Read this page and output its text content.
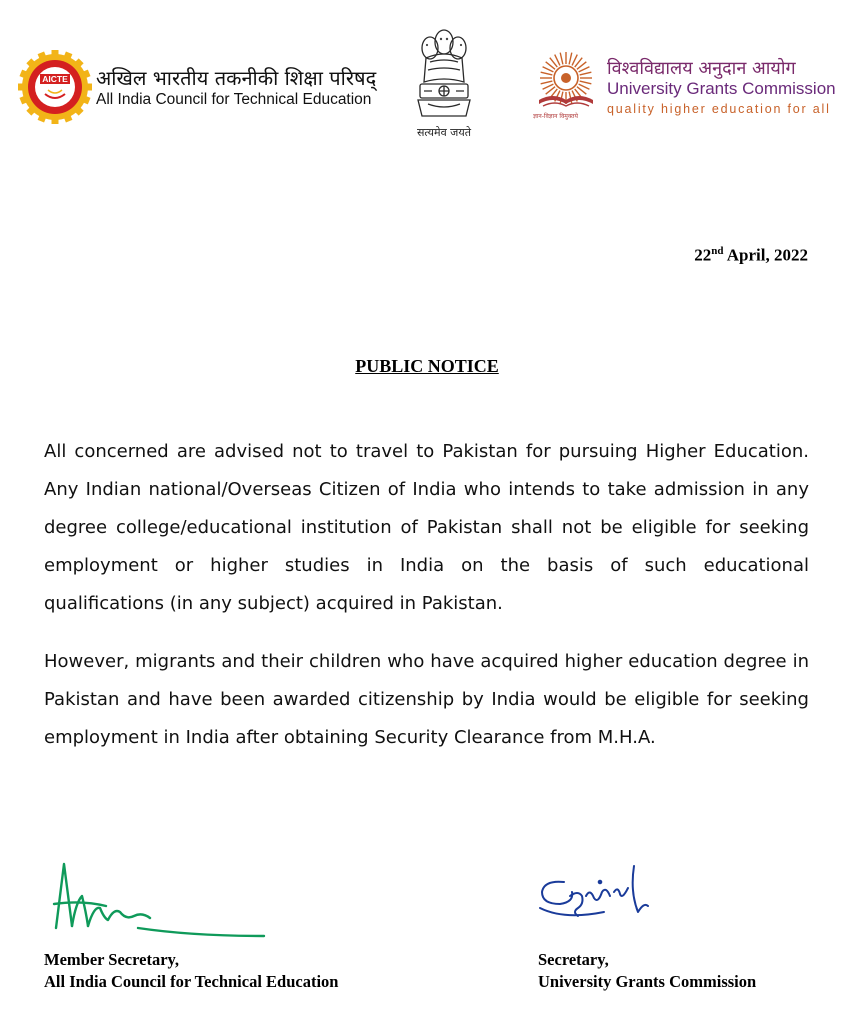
AICTE अखिल भारतीय तकनीकी शिक्षा परिषद्
All India Council for Technical Education
सत्यमेव जयते
ज्ञान-विज्ञान विमुक्तये
विश्वविद्यालय अनुदान आयोग
University Grants Commission
quality higher education for all
22nd April, 2022
PUBLIC NOTICE
All concerned are advised not to travel to Pakistan for pursuing Higher Education. Any Indian national/Overseas Citizen of India who intends to take admission in any degree college/educational institution of Pakistan shall not be eligible for seeking employment or higher studies in India on the basis of such educational qualifications (in any subject) acquired in Pakistan.
However, migrants and their children who have acquired higher education degree in Pakistan and have been awarded citizenship by India would be eligible for seeking employment in India after obtaining Security Clearance from M.H.A.
Member Secretary,
All India Council for Technical Education
Secretary,
University Grants Commission
